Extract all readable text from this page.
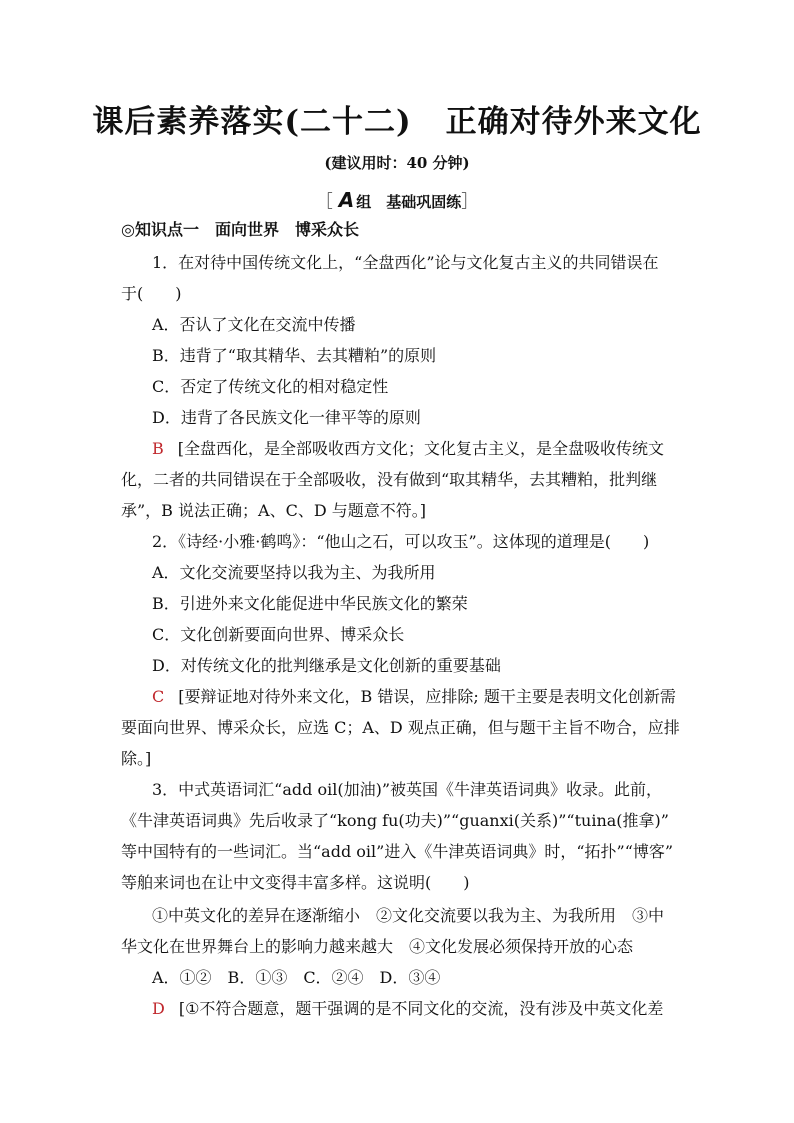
课后素养落实(二十二) 正确对待外来文化
(建议用时：40 分钟)
［ A 组　基础巩固练］
◎知识点一　面向世界　博采众长
1．在对待中国传统文化上，“全盘西化”论与文化复古主义的共同错误在
于(　　)
A．否认了文化在交流中传播
B．违背了“取其精华、去其糟粕”的原则
C．否定了传统文化的相对稳定性
D．违背了各民族文化一律平等的原则
B [全盘西化，是全部吸收西方文化；文化复古主义，是全盘吸收传统文
化，二者的共同错误在于全部吸收，没有做到“取其精华，去其糟粕，批判继
承”，B 说法正确；A、C、D 与题意不符。]
2．《诗经·小雅·鹤鸣》：“他山之石，可以攻玉”。这体现的道理是(　　)
A．文化交流要坚持以我为主、为我所用
B．引进外来文化能促进中华民族文化的繁荣
C．文化创新要面向世界、博采众长
D．对传统文化的批判继承是文化创新的重要基础
C [要辩证地对待外来文化，B 错误，应排除; 题干主要是表明文化创新需
要面向世界、博采众长，应选 C；A、D 观点正确，但与题干主旨不吻合，应排
除。]
3．中式英语词汇“add oil(加油)”被英国《牛津英语词典》收录。此前，
《牛津英语词典》先后收录了“kong fu(功夫)”“guanxi(关系)”“tuina(推拿)”
等中国特有的一些词汇。当“add oil”进入《牛津英语词典》时，“拓扑”“博客”
等舶来词也在让中文变得丰富多样。这说明(　　)
①中英文化的差异在逐渐缩小　②文化交流要以我为主、为我所用　③中
华文化在世界舞台上的影响力越来越大　④文化发展必须保持开放的心态
A．①②　B．①③　C．②④　D．③④
D [①不符合题意，题干强调的是不同文化的交流，没有涉及中英文化差
